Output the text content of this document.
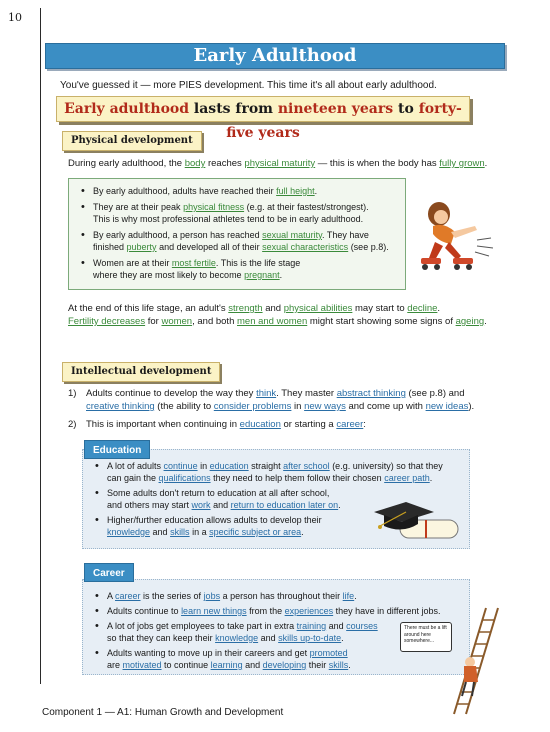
10
Early Adulthood
You've guessed it — more PIES development. This time it's all about early adulthood.
Early adulthood lasts from nineteen years to forty-five years
Physical development
During early adulthood, the body reaches physical maturity — this is when the body has fully grown.
• By early adulthood, adults have reached their full height.
• They are at their peak physical fitness (e.g. at their fastest/strongest).
This is why most professional athletes tend to be in early adulthood.
• By early adulthood, a person has reached sexual maturity. They have
finished puberty and developed all of their sexual characteristics (see p.8).
• Women are at their most fertile. This is the life stage
where they are most likely to become pregnant.
At the end of this life stage, an adult's strength and physical abilities may start to decline.
Fertility decreases for women, and both men and women might start showing some signs of ageing.
Intellectual development
1) Adults continue to develop the way they think. They master abstract thinking (see p.8) and
creative thinking (the ability to consider problems in new ways and come up with new ideas).
2) This is important when continuing in education or starting a career:
• A lot of adults continue in education straight after school (e.g. university) so that they
can gain the qualifications they need to help them follow their chosen career path.
• Some adults don't return to education at all after school,
and others may start work and return to education later on.
• Higher/further education allows adults to develop their
knowledge and skills in a specific subject or area.
Education
• A career is the series of jobs a person has throughout their life.
• Adults continue to learn new things from the experiences they have in different jobs.
• A lot of jobs get employees to take part in extra training and courses
so that they can keep their knowledge and skills up-to-date.
• Adults wanting to move up in their careers and get promoted
are motivated to continue learning and developing their skills.
Career
There must be a lift around here somewhere...
Component 1 — A1: Human Growth and Development
